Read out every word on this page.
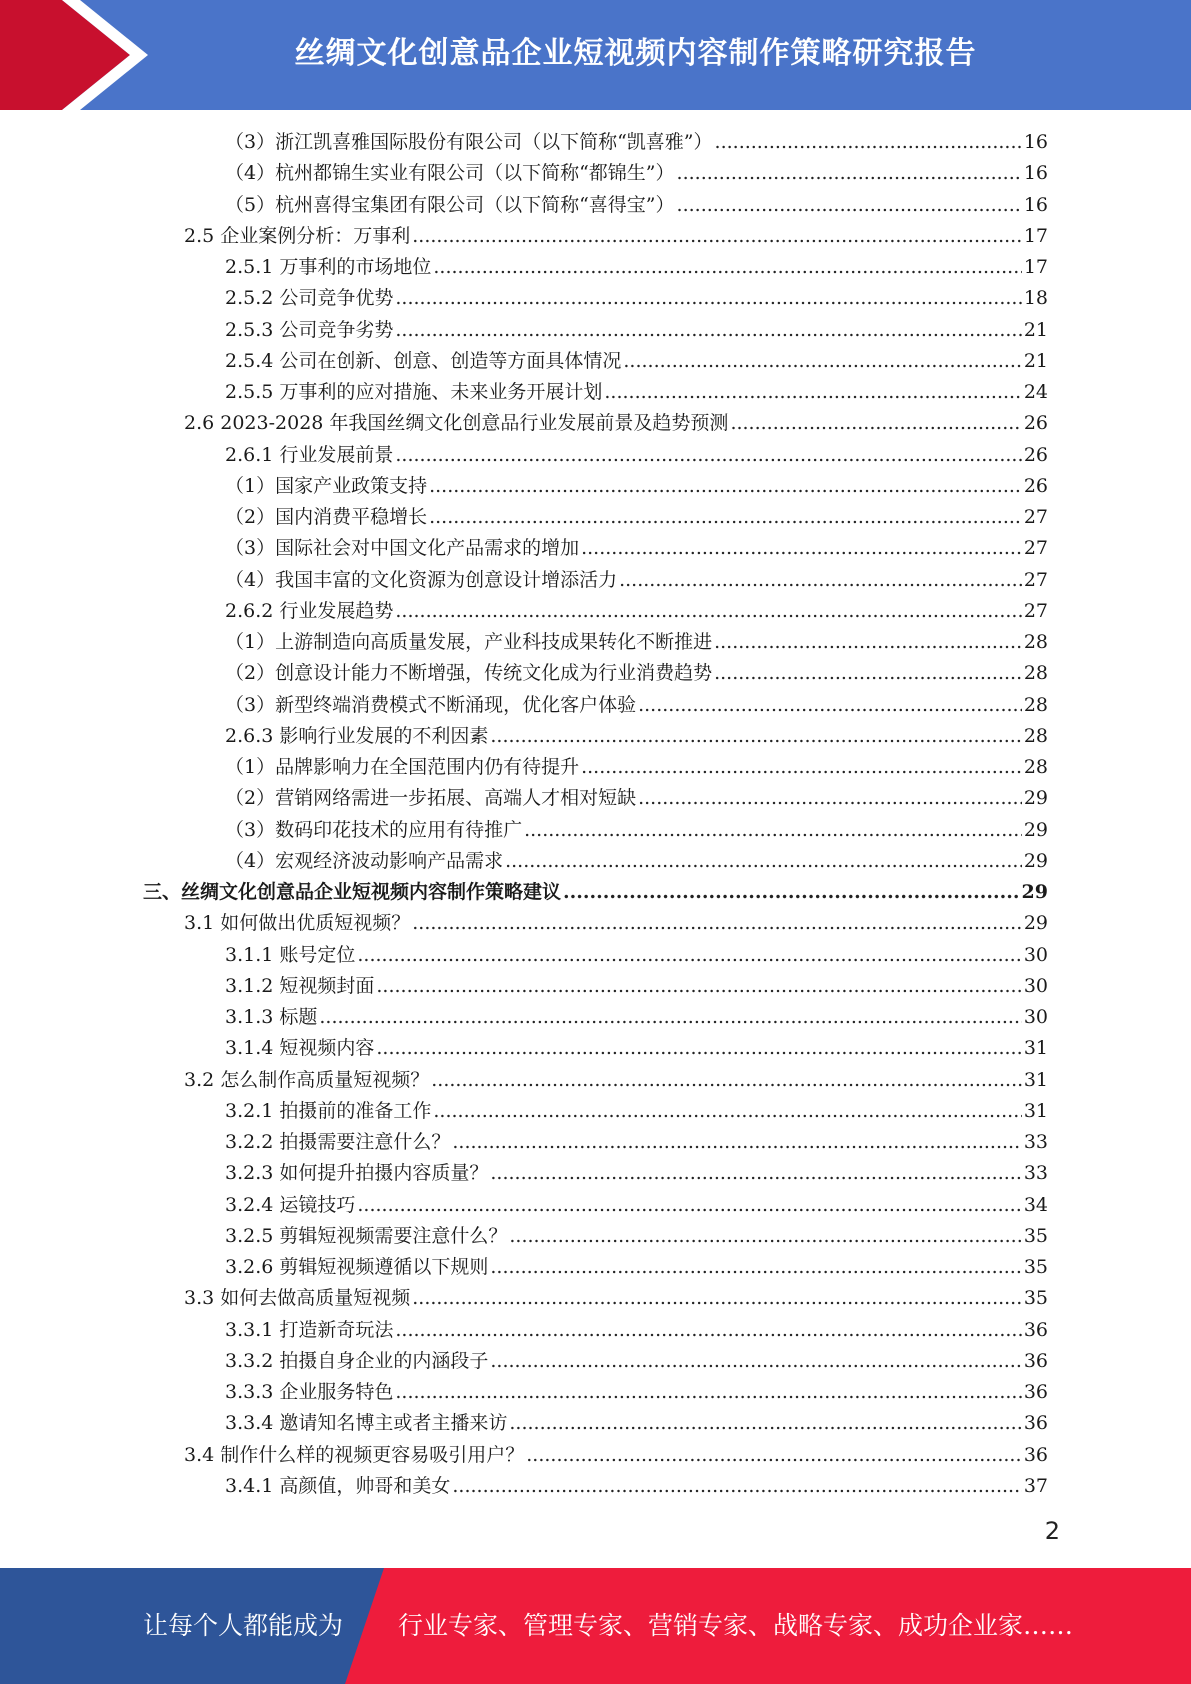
丝绸文化创意品企业短视频内容制作策略研究报告
（3）浙江凯喜雅国际股份有限公司（以下简称“凯喜雅”） .....	16
（4）杭州都锦生实业有限公司（以下简称“都锦生”） .....	16
（5）杭州喜得宝集团有限公司（以下简称“喜得宝”） .....	16
2.5 企业案例分析：万事利 .....	17
2.5.1 万事利的市场地位 .....	17
2.5.2 公司竞争优势 .....	18
2.5.3 公司竞争劣势 .....	21
2.5.4 公司在创新、创意、创造等方面具体情况 .....	21
2.5.5 万事利的应对措施、未来业务开展计划 .....	24
2.6 2023-2028 年我国丝绸文化创意品行业发展前景及趋势预测 .....	26
2.6.1 行业发展前景 .....	26
（1）国家产业政策支持 .....	26
（2）国内消费平稳增长 .....	27
（3）国际社会对中国文化产品需求的增加 .....	27
（4）我国丰富的文化资源为创意设计增添活力 .....	27
2.6.2 行业发展趋势 .....	27
（1）上游制造向高质量发展，产业科技成果转化不断推进 .....	28
（2）创意设计能力不断增强，传统文化成为行业消费趋势 .....	28
（3）新型终端消费模式不断涌现，优化客户体验 .....	28
2.6.3 影响行业发展的不利因素 .....	28
（1）品牌影响力在全国范围内仍有待提升 .....	28
（2）营销网络需进一步拓展、高端人才相对短缺 .....	29
（3）数码印花技术的应用有待推广 .....	29
（4）宏观经济波动影响产品需求 .....	29
三、丝绸文化创意品企业短视频内容制作策略建议 .....	29
3.1 如何做出优质短视频？ .....	29
3.1.1 账号定位 .....	30
3.1.2 短视频封面 .....	30
3.1.3 标题 .....	30
3.1.4 短视频内容 .....	31
3.2 怎么制作高质量短视频？ .....	31
3.2.1 拍摄前的准备工作 .....	31
3.2.2 拍摄需要注意什么？ .....	33
3.2.3 如何提升拍摄内容质量？ .....	33
3.2.4 运镜技巧 .....	34
3.2.5 剪辑短视频需要注意什么？ .....	35
3.2.6 剪辑短视频遵循以下规则 .....	35
3.3 如何去做高质量短视频 .....	35
3.3.1 打造新奇玩法 .....	36
3.3.2 拍摄自身企业的内涵段子 .....	36
3.3.3 企业服务特色 .....	36
3.3.4 邀请知名博主或者主播来访 .....	36
3.4 制作什么样的视频更容易吸引用户？ .....	36
3.4.1 高颜值，帅哥和美女 .....	37
2
让每个人都能成为 行业专家、管理专家、营销专家、战略专家、成功企业家……
